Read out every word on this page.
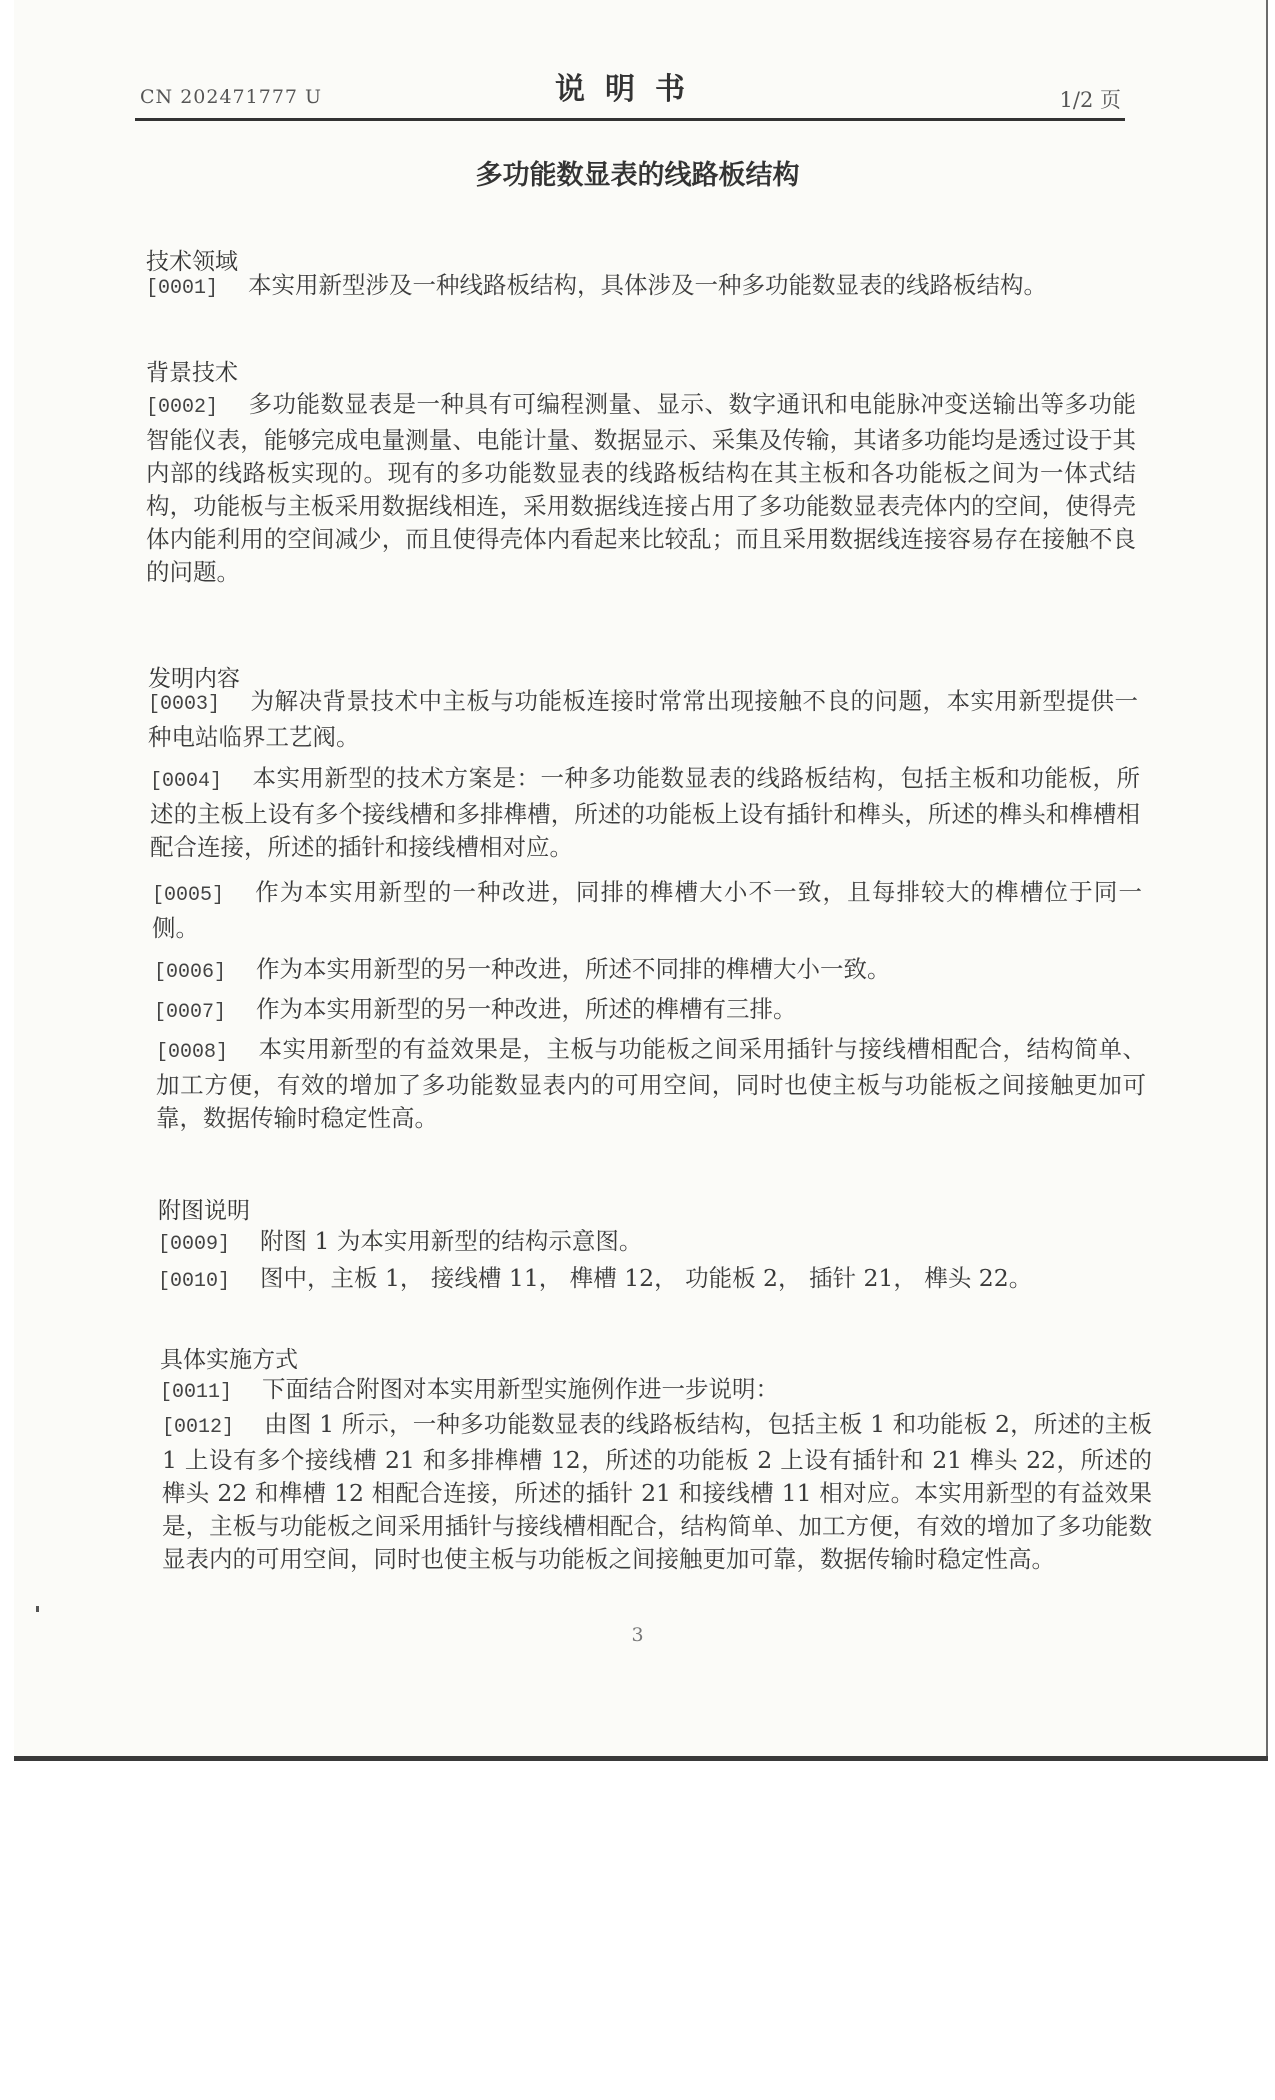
CN 202471777 U	说明书	1/2 页
多功能数显表的线路板结构
技术领域
[0001] 本实用新型涉及一种线路板结构，具体涉及一种多功能数显表的线路板结构。
背景技术
[0002] 多功能数显表是一种具有可编程测量、显示、数字通讯和电能脉冲变送输出等多功能智能仪表，能够完成电量测量、电能计量、数据显示、采集及传输，其诸多功能均是透过设于其内部的线路板实现的。现有的多功能数显表的线路板结构在其主板和各功能板之间为一体式结构，功能板与主板采用数据线相连，采用数据线连接占用了多功能数显表壳体内的空间，使得壳体内能利用的空间减少，而且使得壳体内看起来比较乱；而且采用数据线连接容易存在接触不良的问题。
发明内容
[0003] 为解决背景技术中主板与功能板连接时常常出现接触不良的问题，本实用新型提供一种电站临界工艺阀。
[0004] 本实用新型的技术方案是：一种多功能数显表的线路板结构，包括主板和功能板，所述的主板上设有多个接线槽和多排榫槽，所述的功能板上设有插针和榫头，所述的榫头和榫槽相配合连接，所述的插针和接线槽相对应。
[0005] 作为本实用新型的一种改进，同排的榫槽大小不一致，且每排较大的榫槽位于同一侧。
[0006] 作为本实用新型的另一种改进，所述不同排的榫槽大小一致。
[0007] 作为本实用新型的另一种改进，所述的榫槽有三排。
[0008] 本实用新型的有益效果是，主板与功能板之间采用插针与接线槽相配合，结构简单、加工方便，有效的增加了多功能数显表内的可用空间，同时也使主板与功能板之间接触更加可靠，数据传输时稳定性高。
附图说明
[0009] 附图 1 为本实用新型的结构示意图。
[0010] 图中，主板 1， 接线槽 11， 榫槽 12， 功能板 2， 插针 21， 榫头 22。
具体实施方式
[0011] 下面结合附图对本实用新型实施例作进一步说明：
[0012] 由图 1 所示，一种多功能数显表的线路板结构，包括主板 1 和功能板 2，所述的主板 1 上设有多个接线槽 21 和多排榫槽 12，所述的功能板 2 上设有插针和 21 榫头 22，所述的榫头 22 和榫槽 12 相配合连接，所述的插针 21 和接线槽 11 相对应。本实用新型的有益效果是，主板与功能板之间采用插针与接线槽相配合，结构简单、加工方便，有效的增加了多功能数显表内的可用空间，同时也使主板与功能板之间接触更加可靠，数据传输时稳定性高。
3
